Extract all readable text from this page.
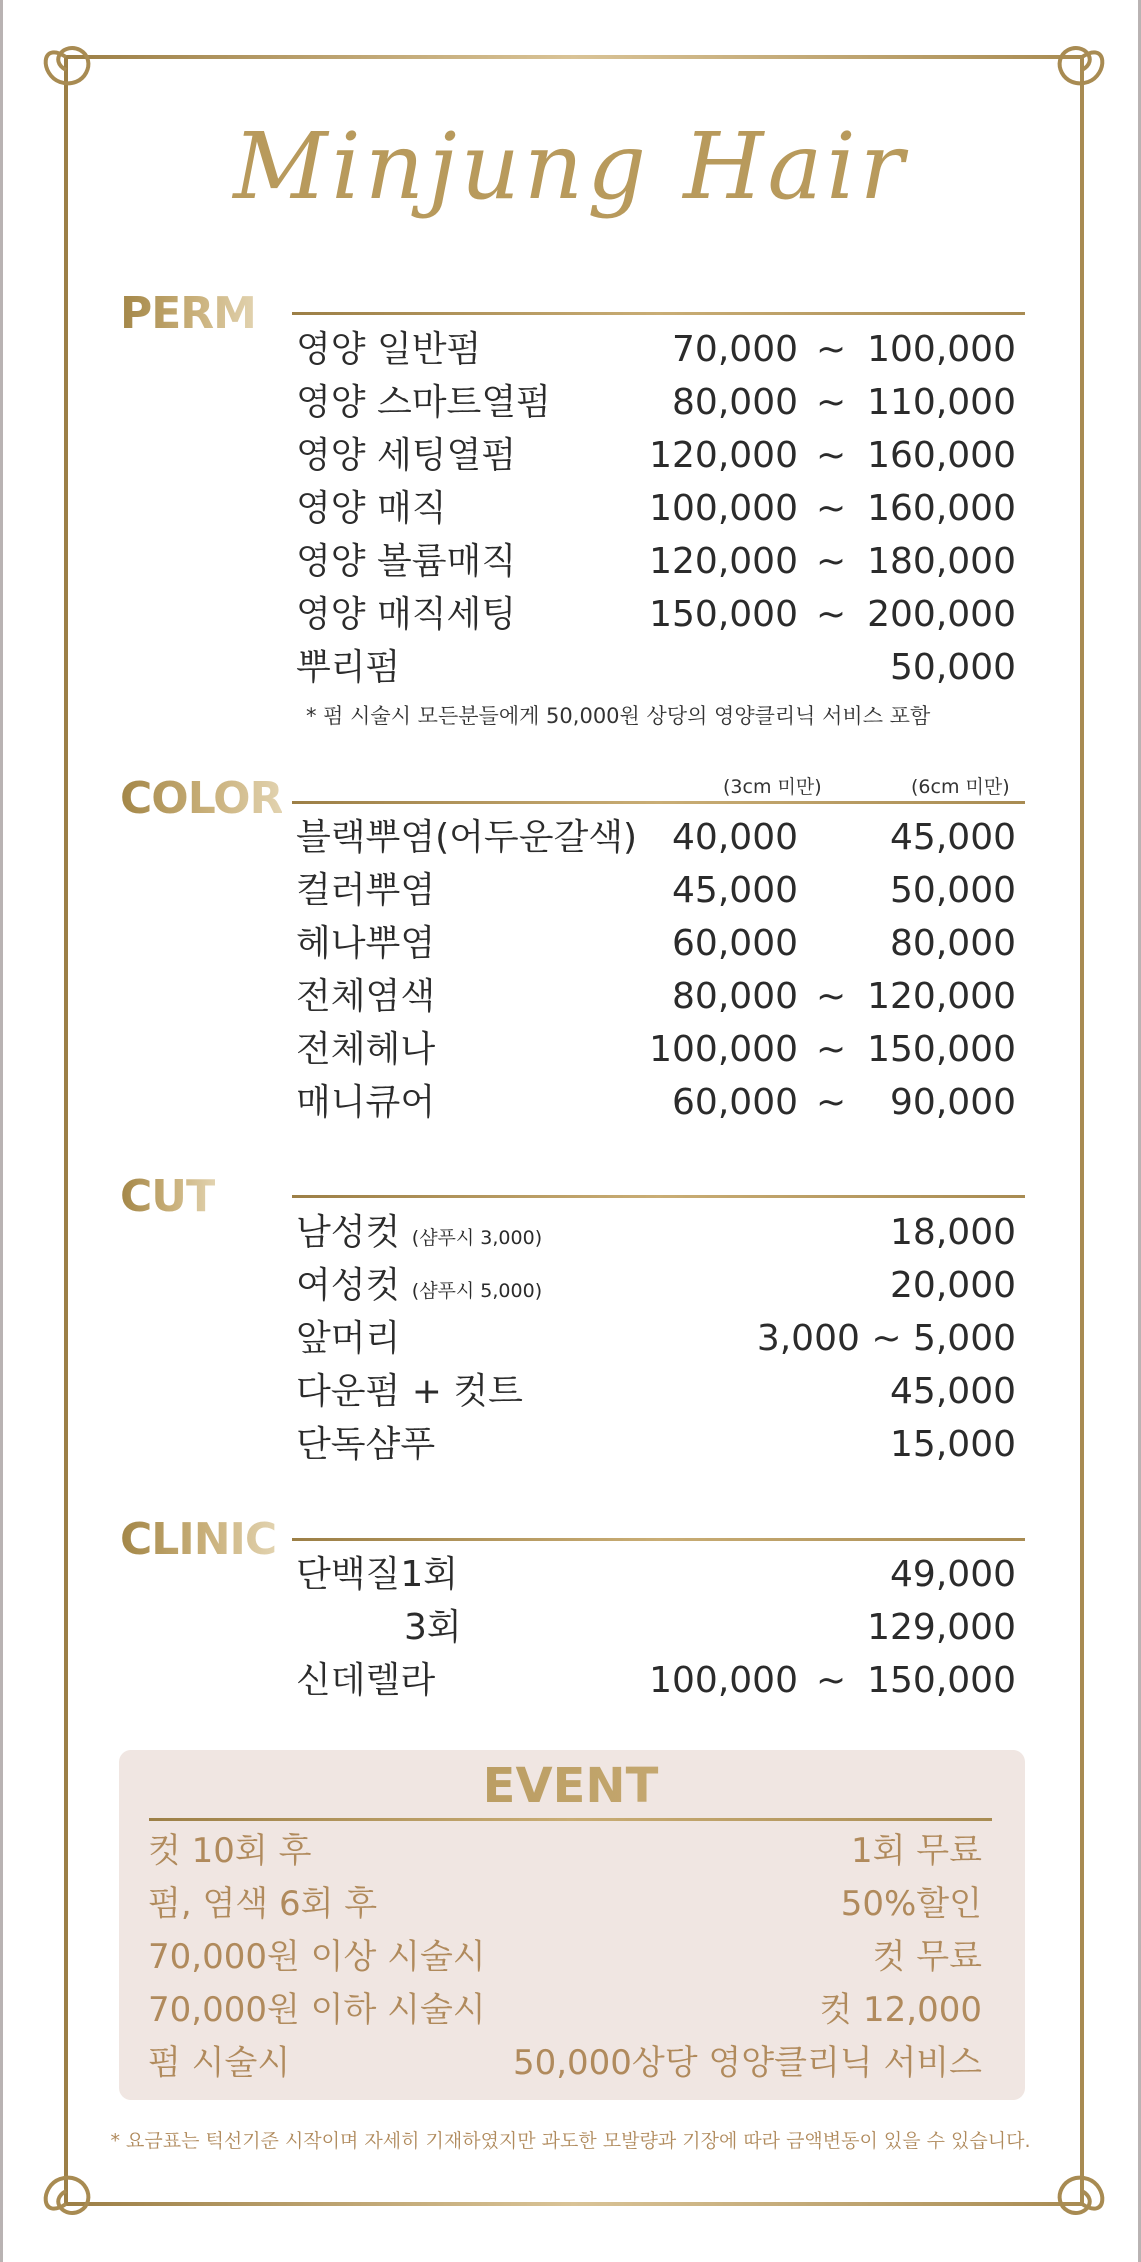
Minjung Hair
PERM
영양 일반펌	70,000 ~ 100,000
영양 스마트열펌	80,000 ~ 110,000
영양 세팅열펌	120,000 ~ 160,000
영양 매직	100,000 ~ 160,000
영양 볼륨매직	120,000 ~ 180,000
영양 매직세팅	150,000 ~ 200,000
뿌리펌	50,000
* 펌 시술시 모든분들에게 50,000원 상당의 영양클리닉 서비스 포함
COLOR	(3cm 미만)	(6cm 미만)
블랙뿌염(어두운갈색) 40,000	45,000
컬러뿌염	45,000	50,000
헤나뿌염	60,000	80,000
전체염색	80,000 ~ 120,000
전체헤나	100,000 ~ 150,000
매니큐어	60,000 ~ 90,000
CUT
남성컷 (샴푸시 3,000)	18,000
여성컷 (샴푸시 5,000)	20,000
앞머리	3,000 ~ 5,000
다운펌 + 컷트	45,000
단독샴푸	15,000
CLINIC
단백질1회	49,000
3회	129,000
신데렐라	100,000 ~ 150,000
EVENT
컷 10회 후	1회 무료
펌, 염색 6회 후	50%할인
70,000원 이상 시술시	컷 무료
70,000원 이하 시술시	컷 12,000
펌 시술시	50,000상당 영양클리닉 서비스
* 요금표는 턱선기준 시작이며 자세히 기재하였지만 과도한 모발량과 기장에 따라 금액변동이 있을 수 있습니다.
